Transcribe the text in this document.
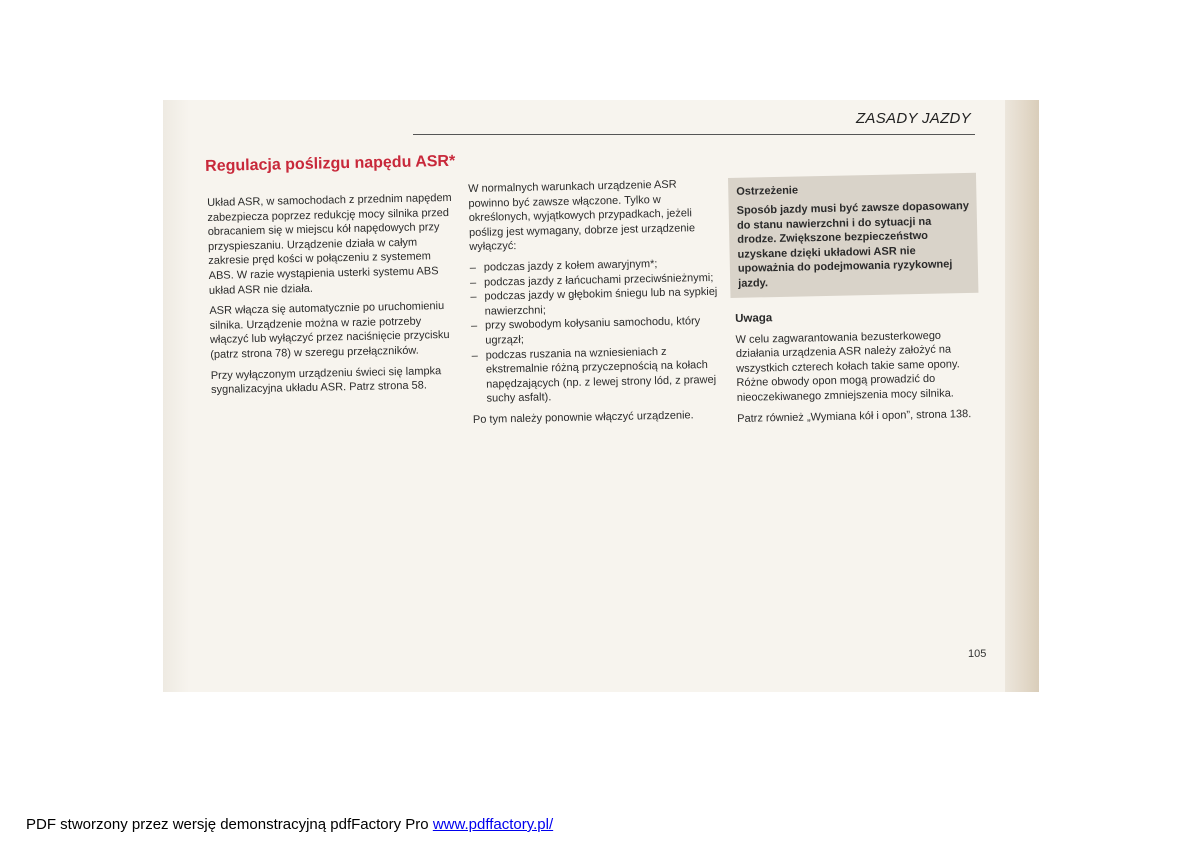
ZASADY JAZDY
Regulacja poślizgu napędu ASR*

Układ ASR, w samochodach z przednim napędem zabezpiecza poprzez redukcję mocy silnika przed obracaniem się w miejscu kół napędowych przy przyspieszaniu. Urządzenie działa w całym zakresie pręd kości w połączeniu z systemem ABS. W razie wystąpienia usterki systemu ABS układ ASR nie działa.

ASR włącza się automatycznie po uruchomieniu silnika. Urządzenie można w razie potrzeby włączyć lub wyłączyć przez naciśnięcie przycisku (patrz strona 78) w szeregu przełączników.

Przy wyłączonym urządzeniu świeci się lampka sygnalizacyjna układu ASR. Patrz strona 58.

W normalnych warunkach urządzenie ASR powinno być zawsze włączone. Tylko w określonych, wyjątkowych przypadkach, jeżeli poślizg jest wymagany, dobrze jest urządzenie wyłączyć:

– podczas jazdy z kołem awaryjnym*;
– podczas jazdy z łańcuchami przeciwśnieżnymi;
– podczas jazdy w głębokim śniegu lub na sypkiej nawierzchni;
– przy swobodym kołysaniu samochodu, który ugrzązł;
– podczas ruszania na wzniesieniach z ekstremalnie różną przyczepnością na kołach napędzających (np. z lewej strony lód, z prawej suchy asfalt).

Po tym należy ponownie włączyć urządzenie.

Ostrzeżenie
Sposób jazdy musi być zawsze dopasowany do stanu nawierzchni i do sytuacji na drodze. Zwiększone bezpieczeństwo uzyskane dzięki układowi ASR nie upoważnia do podejmowania ryzykownej jazdy.

Uwaga

W celu zagwarantowania bezusterkowego działania urządzenia ASR należy założyć na wszystkich czterech kołach takie same opony. Różne obwody opon mogą prowadzić do nieoczekiwanego zmniejszenia mocy silnika.

Patrz również „Wymiana kół i opon”, strona 138.

105
PDF stworzony przez wersję demonstracyjną pdfFactory Pro www.pdffactory.pl/
